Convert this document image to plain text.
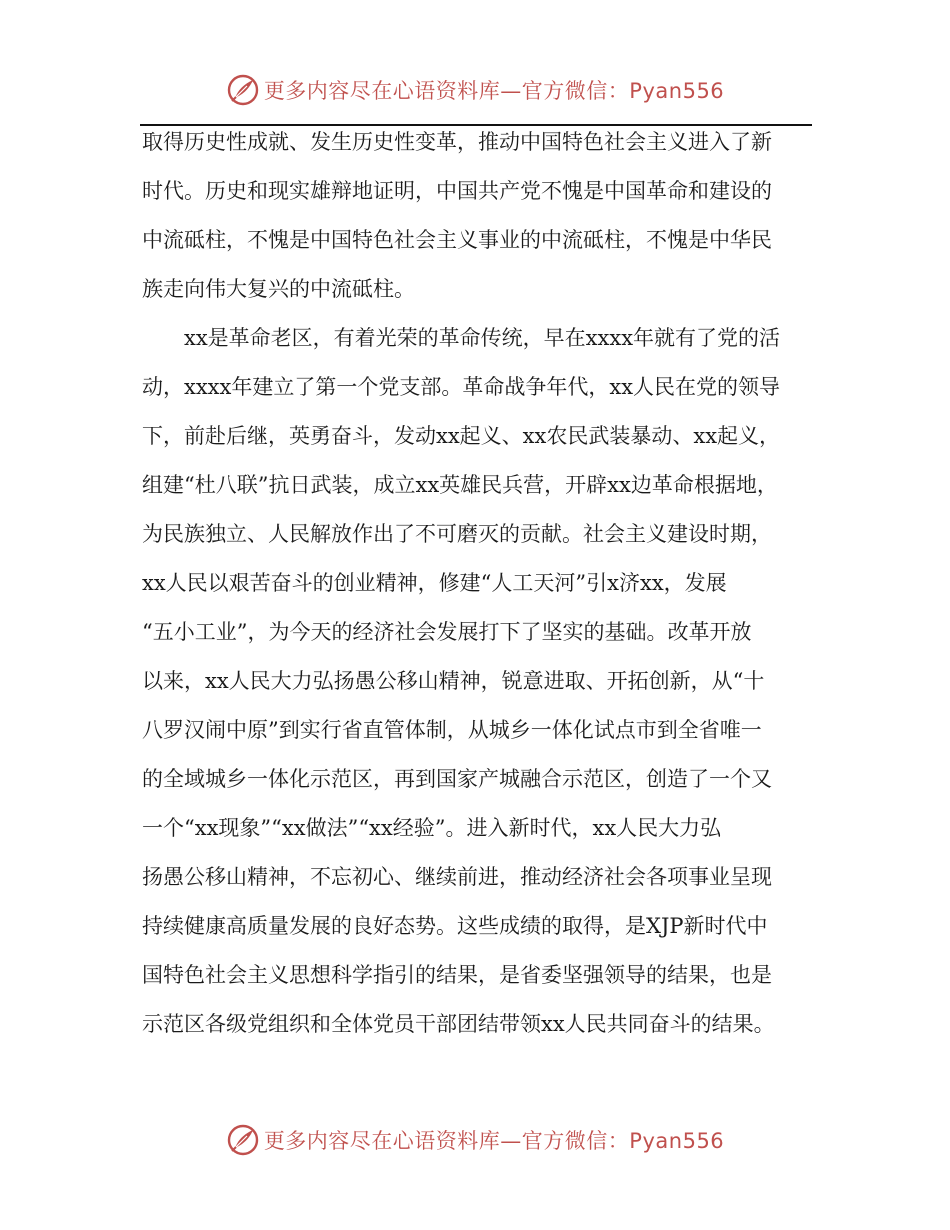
更多内容尽在心语资料库—官方微信：Pyan556

取得历史性成就、发生历史性变革，推动中国特色社会主义进入了新

时代。历史和现实雄辩地证明，中国共产党不愧是中国革命和建设的

中流砥柱，不愧是中国特色社会主义事业的中流砥柱，不愧是中华民

族走向伟大复兴的中流砥柱。

xx是革命老区，有着光荣的革命传统，早在xxxx年就有了党的活

动，xxxx年建立了第一个党支部。革命战争年代，xx人民在党的领导

下，前赴后继，英勇奋斗，发动xx起义、xx农民武装暴动、xx起义，

组建“杜八联”抗日武装，成立xx英雄民兵营，开辟xx边革命根据地，

为民族独立、人民解放作出了不可磨灭的贡献。社会主义建设时期，

xx人民以艰苦奋斗的创业精神，修建“人工天河”引x济xx，发展

“五小工业”，为今天的经济社会发展打下了坚实的基础。改革开放

以来，xx人民大力弘扬愚公移山精神，锐意进取、开拓创新，从“十

八罗汉闹中原”到实行省直管体制，从城乡一体化试点市到全省唯一

的全域城乡一体化示范区，再到国家产城融合示范区，创造了一个又

一个“xx现象”“xx做法”“xx经验”。进入新时代，xx人民大力弘

扬愚公移山精神，不忘初心、继续前进，推动经济社会各项事业呈现

持续健康高质量发展的良好态势。这些成绩的取得，是XJP新时代中

国特色社会主义思想科学指引的结果，是省委坚强领导的结果，也是

示范区各级党组织和全体党员干部团结带领xx人民共同奋斗的结果。

更多内容尽在心语资料库—官方微信：Pyan556
